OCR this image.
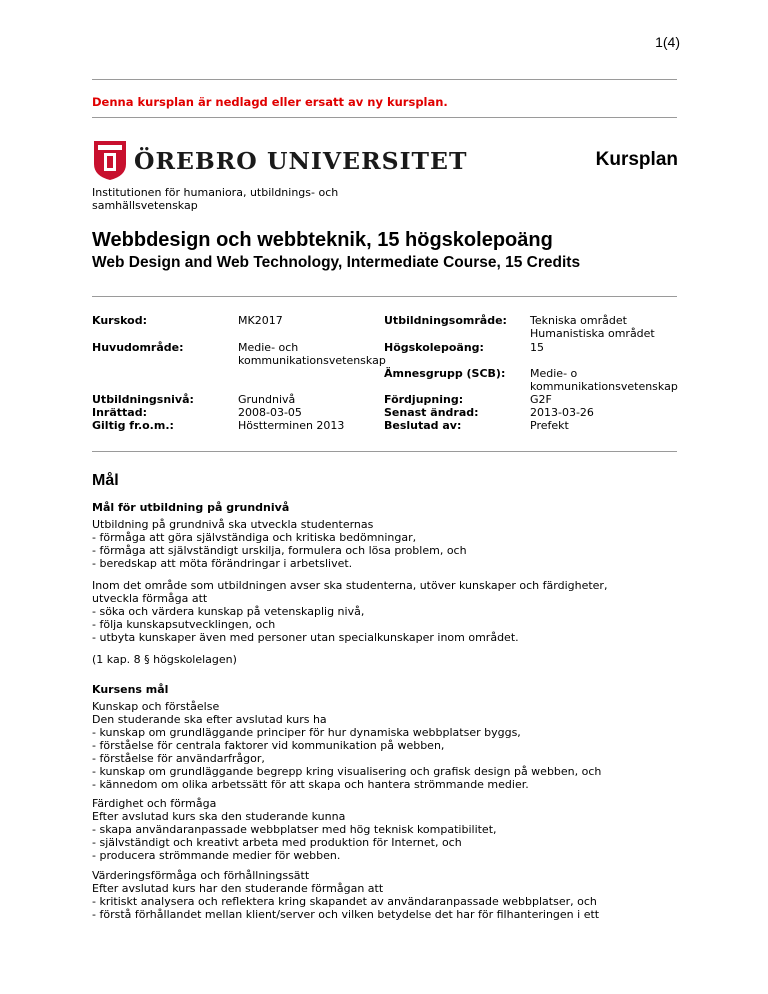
1(4)
Denna kursplan är nedlagd eller ersatt av ny kursplan.
ÖREBRO UNIVERSITET	Kursplan
Institutionen för humaniora, utbildnings- och samhällsvetenskap
Webbdesign och webbteknik, 15 högskolepoäng
Web Design and Web Technology, Intermediate Course, 15 Credits
Kurskod:	MK2017	Utbildningsområde: Tekniska området
Humanistiska området
Huvudområde:	Medie- och
kommunikationsvetenskap
Högskolepoäng:	15
Ämnesgrupp (SCB): Medie- o
kommunikationsvetenskap
Utbildningsnivå:	Grundnivå	Fördjupning:	G2F
Inrättad:	2008-03-05	Senast ändrad:	2013-03-26
Giltig fr.o.m.:	Höstterminen 2013	Beslutad av:	Prefekt
Mål
Mål för utbildning på grundnivå
Utbildning på grundnivå ska utveckla studenternas
- förmåga att göra självständiga och kritiska bedömningar,
- förmåga att självständigt urskilja, formulera och lösa problem, och
- beredskap att möta förändringar i arbetslivet.
Inom det område som utbildningen avser ska studenterna, utöver kunskaper och färdigheter,
utveckla förmåga att
- söka och värdera kunskap på vetenskaplig nivå,
- följa kunskapsutvecklingen, och
- utbyta kunskaper även med personer utan specialkunskaper inom området.
(1 kap. 8 § högskolelagen)
Kursens mål
Kunskap och förståelse
Den studerande ska efter avslutad kurs ha
- kunskap om grundläggande principer för hur dynamiska webbplatser byggs,
- förståelse för centrala faktorer vid kommunikation på webben,
- förståelse för användarfrågor,
- kunskap om grundläggande begrepp kring visualisering och grafisk design på webben, och
- kännedom om olika arbetssätt för att skapa och hantera strömmande medier.
Färdighet och förmåga
Efter avslutad kurs ska den studerande kunna
- skapa användaranpassade webbplatser med hög teknisk kompatibilitet,
- självständigt och kreativt arbeta med produktion för Internet, och
- producera strömmande medier för webben.
Värderingsförmåga och förhållningssätt
Efter avslutad kurs har den studerande förmågan att
- kritiskt analysera och reflektera kring skapandet av användaranpassade webbplatser, och
- förstå förhållandet mellan klient/server och vilken betydelse det har för filhanteringen i ett
